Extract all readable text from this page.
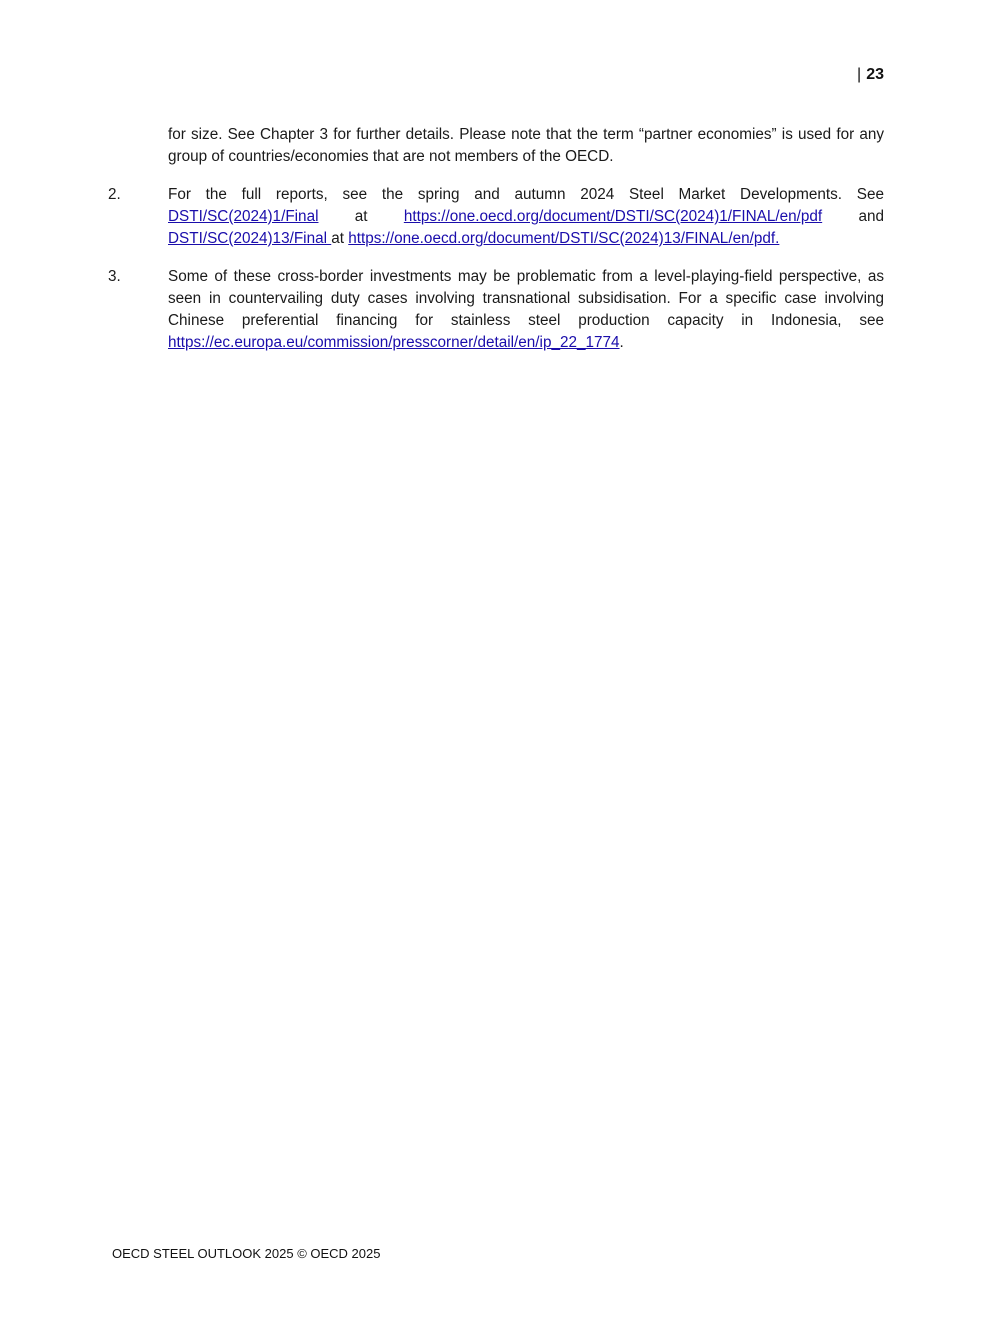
| 23
for size. See Chapter 3 for further details. Please note that the term “partner economies” is used for any group of countries/economies that are not members of the OECD.
2.	For the full reports, see the spring and autumn 2024 Steel Market Developments. See DSTI/SC(2024)1/Final at https://one.oecd.org/document/DSTI/SC(2024)1/FINAL/en/pdf and DSTI/SC(2024)13/Final at https://one.oecd.org/document/DSTI/SC(2024)13/FINAL/en/pdf.
3.	Some of these cross-border investments may be problematic from a level-playing-field perspective, as seen in countervailing duty cases involving transnational subsidisation. For a specific case involving Chinese preferential financing for stainless steel production capacity in Indonesia, see https://ec.europa.eu/commission/presscorner/detail/en/ip_22_1774.
OECD STEEL OUTLOOK 2025 © OECD 2025
